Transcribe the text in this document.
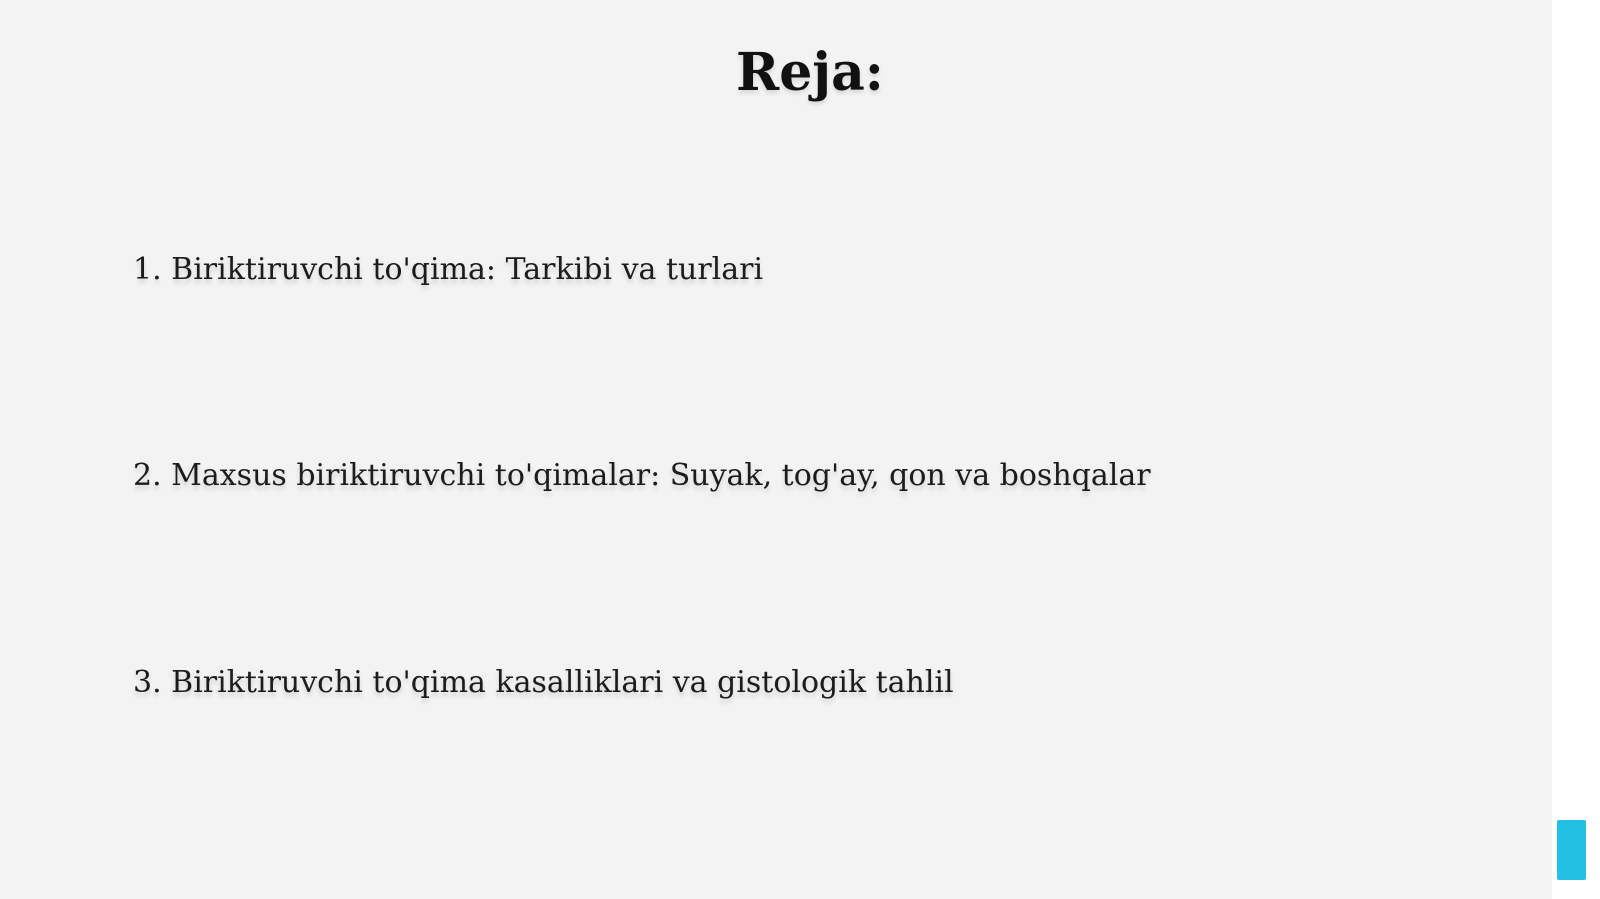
Reja:
1. Biriktiruvchi to'qima: Tarkibi va turlari
2. Maxsus biriktiruvchi to'qimalar: Suyak, tog'ay, qon va boshqalar
3. Biriktiruvchi to'qima kasalliklari va gistologik tahlil
